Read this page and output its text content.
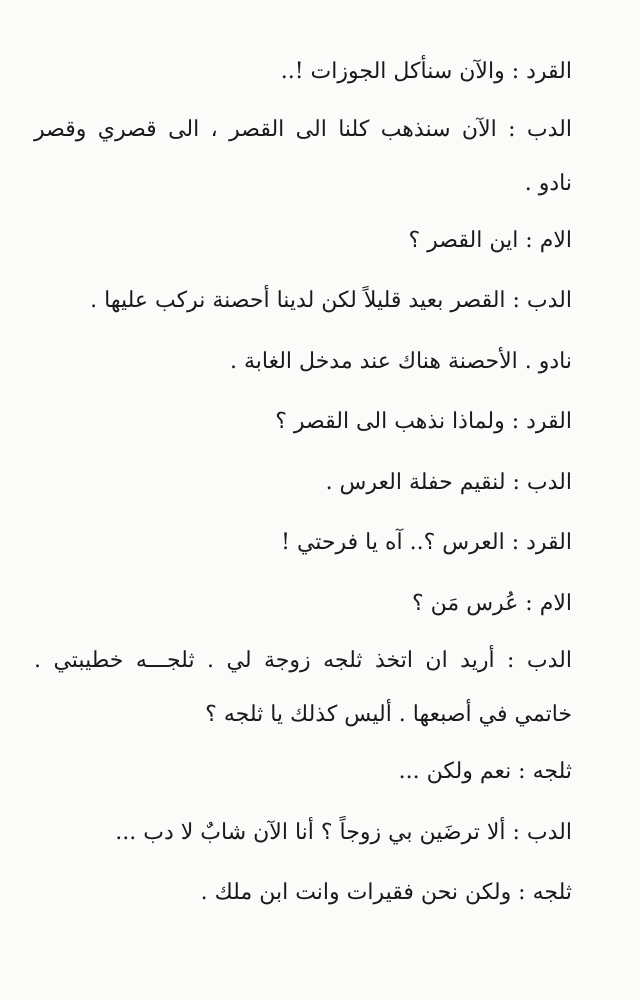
القرد : والآن سنأكل الجوزات !..
الدب : الآن سنذهب كلنا الى القصر ، الى قصري وقصر
نادو .
الام : اين القصر ؟
الدب : القصر بعيد قليلاً لكن لدينا أحصنة نركب عليها .
نادو . الأحصنة هناك عند مدخل الغابة .
القرد : ولماذا نذهب الى القصر ؟
الدب : لنقيم حفلة العرس .
القرد : العرس ؟.. آه يا فرحتي !
الام : عُرس مَن ؟
الدب : أريد ان اتخذ ثلجه زوجة لي . ثلجـــه خطيبتي .
خاتمي في أصبعها . أليس كذلك يا ثلجه ؟
ثلجه : نعم ولكن ...
الدب : ألا ترضَين بي زوجاً ؟ أنا الآن شابٌ لا دب ...
ثلجه : ولكن نحن فقيرات وانت ابن ملك .
